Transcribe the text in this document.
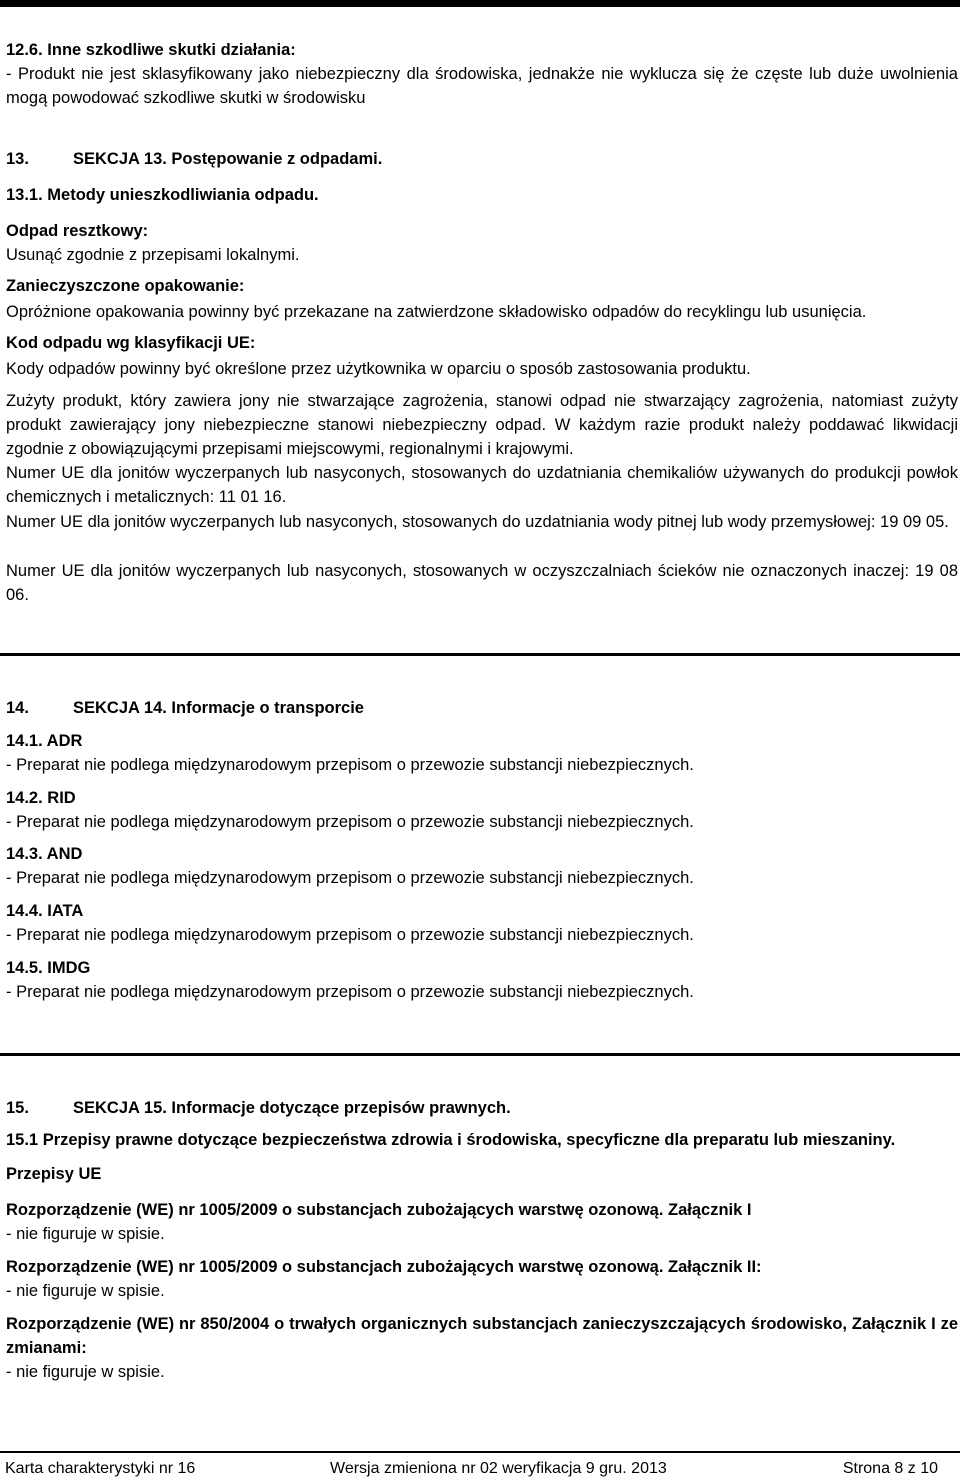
12.6. Inne szkodliwe skutki działania:
- Produkt nie jest sklasyfikowany jako niebezpieczny dla środowiska, jednakże nie wyklucza się że częste lub duże uwolnienia mogą powodować szkodliwe skutki w środowisku
13.	SEKCJA 13. Postępowanie z odpadami.
13.1. Metody unieszkodliwiania odpadu.
Odpad resztkowy:
Usunąć zgodnie z przepisami lokalnymi.
Zanieczyszczone opakowanie:
Opróżnione opakowania powinny być przekazane na zatwierdzone składowisko odpadów do recyklingu lub usunięcia.
Kod odpadu wg klasyfikacji UE:
Kody odpadów powinny być określone przez użytkownika w oparciu o sposób zastosowania produktu.
Zużyty produkt, który zawiera jony nie stwarzające zagrożenia, stanowi odpad nie stwarzający zagrożenia, natomiast zużyty produkt zawierający jony niebezpieczne stanowi niebezpieczny odpad. W każdym razie produkt należy poddawać likwidacji zgodnie z obowiązującymi przepisami miejscowymi, regionalnymi i krajowymi.
Numer UE dla jonitów wyczerpanych lub nasyconych, stosowanych do uzdatniania chemikaliów używanych do produkcji powłok chemicznych i metalicznych: 11 01 16.
Numer UE dla jonitów wyczerpanych lub nasyconych, stosowanych do uzdatniania wody pitnej lub wody przemysłowej: 19 09 05.
Numer UE dla jonitów wyczerpanych lub nasyconych, stosowanych w oczyszczalniach ścieków nie oznaczonych inaczej: 19 08 06.
14.	SEKCJA 14. Informacje o transporcie
14.1. ADR
- Preparat nie podlega międzynarodowym przepisom o przewozie substancji niebezpiecznych.
14.2. RID
- Preparat nie podlega międzynarodowym przepisom o przewozie substancji niebezpiecznych.
14.3. AND
- Preparat nie podlega międzynarodowym przepisom o przewozie substancji niebezpiecznych.
14.4. IATA
- Preparat nie podlega międzynarodowym przepisom o przewozie substancji niebezpiecznych.
14.5. IMDG
- Preparat nie podlega międzynarodowym przepisom o przewozie substancji niebezpiecznych.
15.	SEKCJA 15. Informacje dotyczące przepisów prawnych.
15.1 Przepisy prawne dotyczące bezpieczeństwa zdrowia i środowiska, specyficzne dla preparatu lub mieszaniny.
Przepisy UE
Rozporządzenie (WE) nr 1005/2009 o substancjach zubożających warstwę ozonową. Załącznik I
- nie figuruje w spisie.
Rozporządzenie (WE) nr 1005/2009 o substancjach zubożających warstwę ozonową. Załącznik II:
- nie figuruje w spisie.
Rozporządzenie (WE) nr 850/2004 o trwałych organicznych substancjach zanieczyszczających środowisko, Załącznik I ze zmianami:
- nie figuruje w spisie.
Karta charakterystyki nr 16	Wersja zmieniona nr 02 weryfikacja 9 gru. 2013	Strona 8 z 10
